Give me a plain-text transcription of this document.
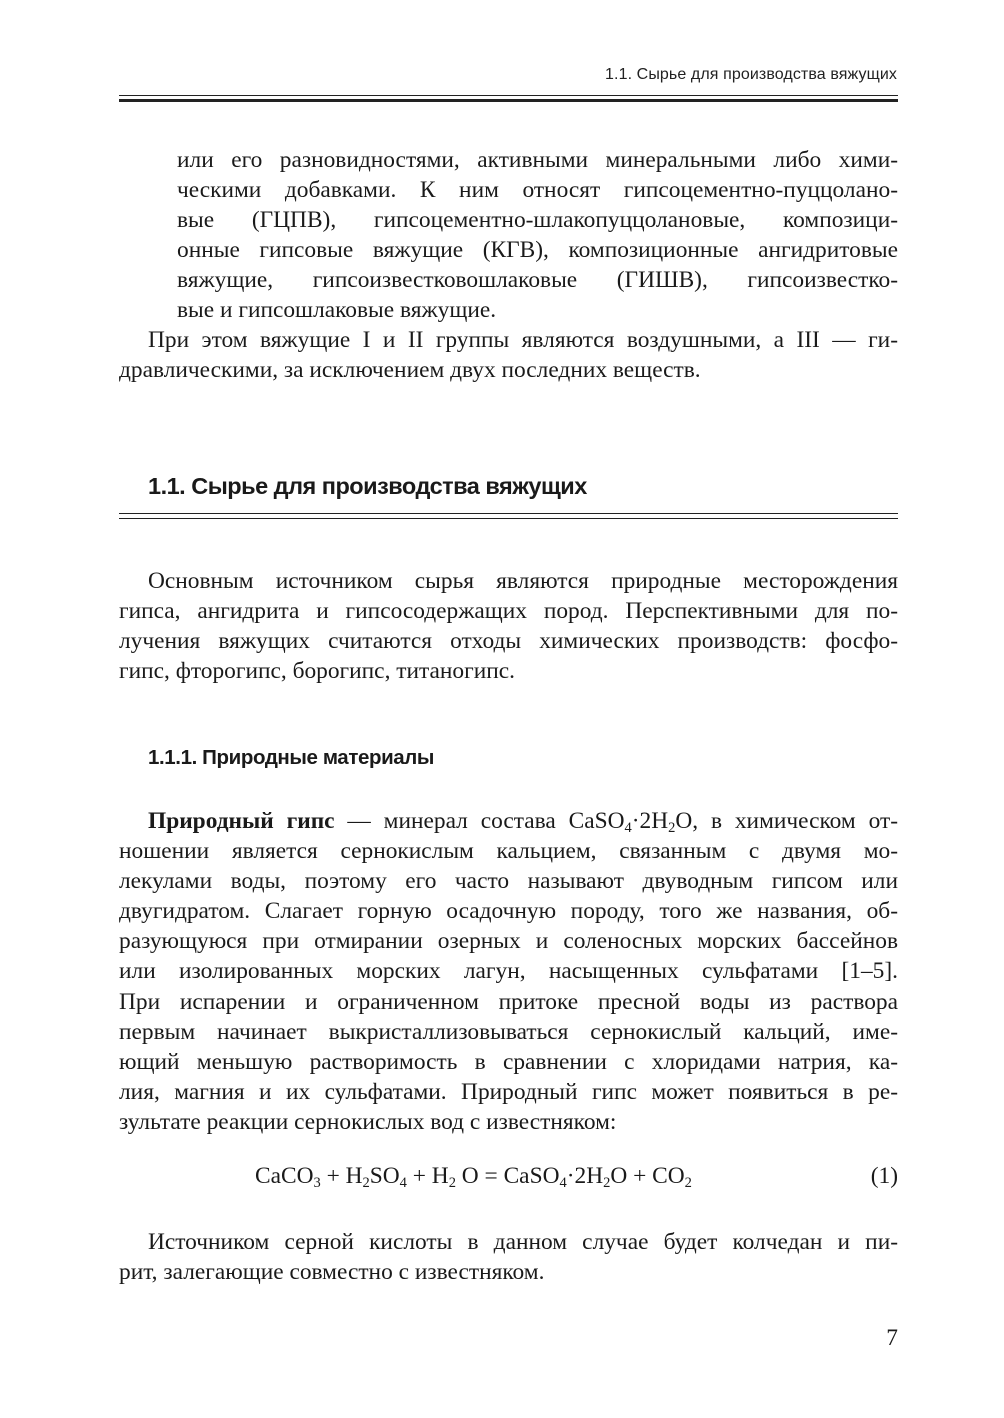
1.1. Сырье для производства вяжущих
или его разновидностями, активными минеральными либо хими-
ческими добавками. К ним относят гипсоцементно-пуццолано-
вые (ГЦПВ), гипсоцементно-шлакопуццолановые, композици-
онные гипсовые вяжущие (КГВ), композиционные ангидритовые
вяжущие, гипсоизвестковошлаковые (ГИШВ), гипсоизвестко-
вые и гипсошлаковые вяжущие.
При этом вяжущие I и II группы являются воздушными, а III — ги-
дравлическими, за исключением двух последних веществ.
1.1. Сырье для производства вяжущих
Основным источником сырья являются природные месторождения
гипса, ангидрита и гипсосодержащих пород. Перспективными для по-
лучения вяжущих считаются отходы химических производств: фосфо-
гипс, фторогипс, борогипс, титаногипс.
1.1.1. Природные материалы
Природный гипс — минерал состава $CaSO_4\cdot 2H_2O$, в химическом от-
ношении является сернокислым кальцием, связанным с двумя мо-
лекулами воды, поэтому его часто называют двуводным гипсом или
двугидратом. Слагает горную осадочную породу, того же названия, об-
разующуюся при отмирании озерных и соленосных морских бассейнов
или изолированных морских лагун, насыщенных сульфатами [1–5].
При испарении и ограниченном притоке пресной воды из раствора
первым начинает выкристаллизовываться сернокислый кальций, име-
ющий меньшую растворимость в сравнении с хлоридами натрия, ка-
лия, магния и их сульфатами. Природный гипс может появиться в ре-
зультате реакции сернокислых вод с известняком:
CaCO$_3$ + $H_2SO_4 + H_2$ $O = CaSO_4\cdot 2H_2O + CO_2$	(1)
Источником серной кислоты в данном случае будет колчедан и пи-
рит, залегающие совместно с известняком.
7
